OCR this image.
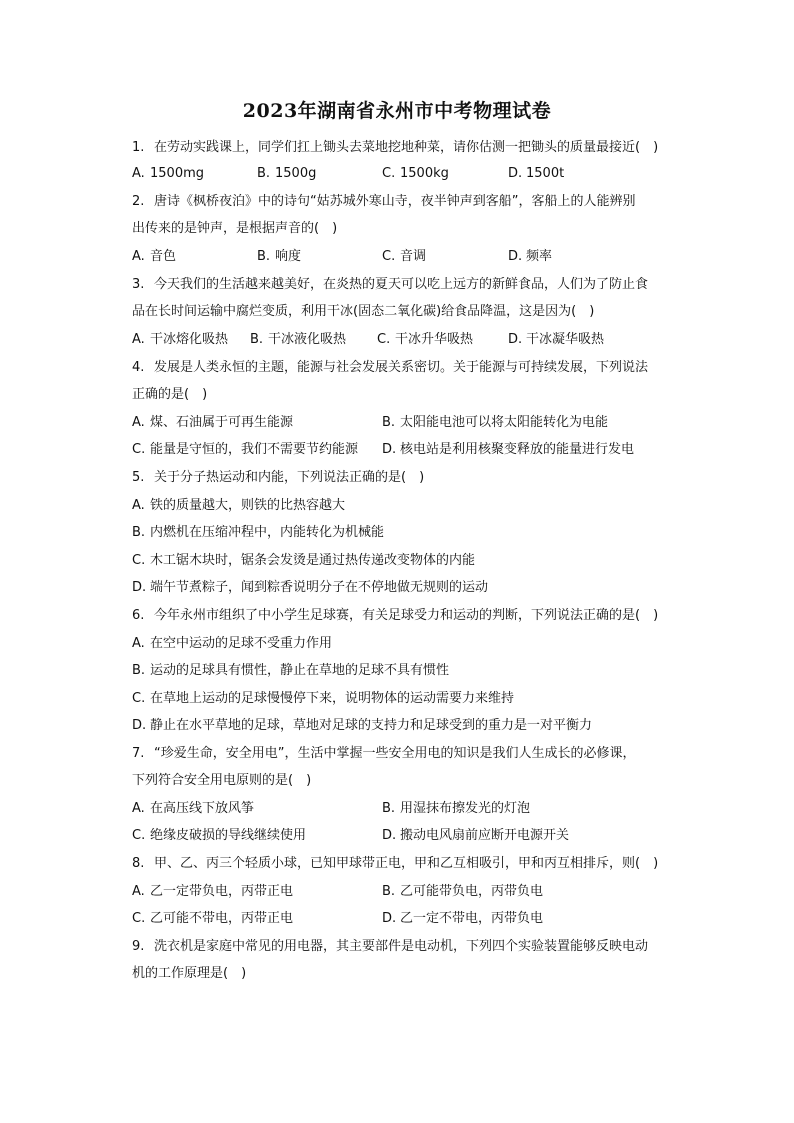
2023年湖南省永州市中考物理试卷
1. 在劳动实践课上，同学们扛上锄头去菜地挖地种菜，请你估测一把锄头的质量最接近(　)
A. 1500mg	B. 1500g	C. 1500kg	D. 1500t
2. 唐诗《枫桥夜泊》中的诗句“姑苏城外寒山寺，夜半钟声到客船”，客船上的人能辨别
出传来的是钟声，是根据声音的(　)
A. 音色	B. 响度	C. 音调	D. 频率
3. 今天我们的生活越来越美好，在炎热的夏天可以吃上远方的新鲜食品，人们为了防止食
品在长时间运输中腐烂变质，利用干冰(固态二氧化碳)给食品降温，这是因为(　)
A. 干冰熔化吸热 B. 干冰液化吸热 C. 干冰升华吸热	D. 干冰凝华吸热
4. 发展是人类永恒的主题，能源与社会发展关系密切。关于能源与可持续发展，下列说法
正确的是(　)
A. 煤、石油属于可再生能源	B. 太阳能电池可以将太阳能转化为电能
C. 能量是守恒的，我们不需要节约能源 D. 核电站是利用核聚变释放的能量进行发电
5. 关于分子热运动和内能，下列说法正确的是(　)
A. 铁的质量越大，则铁的比热容越大
B. 内燃机在压缩冲程中，内能转化为机械能
C. 木工锯木块时，锯条会发烫是通过热传递改变物体的内能
D. 端午节煮粽子，闻到粽香说明分子在不停地做无规则的运动
6. 今年永州市组织了中小学生足球赛，有关足球受力和运动的判断，下列说法正确的是(　)
A. 在空中运动的足球不受重力作用
B. 运动的足球具有惯性，静止在草地的足球不具有惯性
C. 在草地上运动的足球慢慢停下来，说明物体的运动需要力来维持
D. 静止在水平草地的足球，草地对足球的支持力和足球受到的重力是一对平衡力
7. “珍爱生命，安全用电”，生活中掌握一些安全用电的知识是我们人生成长的必修课，
下列符合安全用电原则的是(　)
A. 在高压线下放风筝	B. 用湿抹布擦发光的灯泡
C. 绝缘皮破损的导线继续使用	D. 搬动电风扇前应断开电源开关
8. 甲、乙、丙三个轻质小球，已知甲球带正电，甲和乙互相吸引，甲和丙互相排斥，则(　)
A. 乙一定带负电，丙带正电	B. 乙可能带负电，丙带负电
C. 乙可能不带电，丙带正电	D. 乙一定不带电，丙带负电
9. 洗衣机是家庭中常见的用电器，其主要部件是电动机，下列四个实验装置能够反映电动
机的工作原理是(　)
